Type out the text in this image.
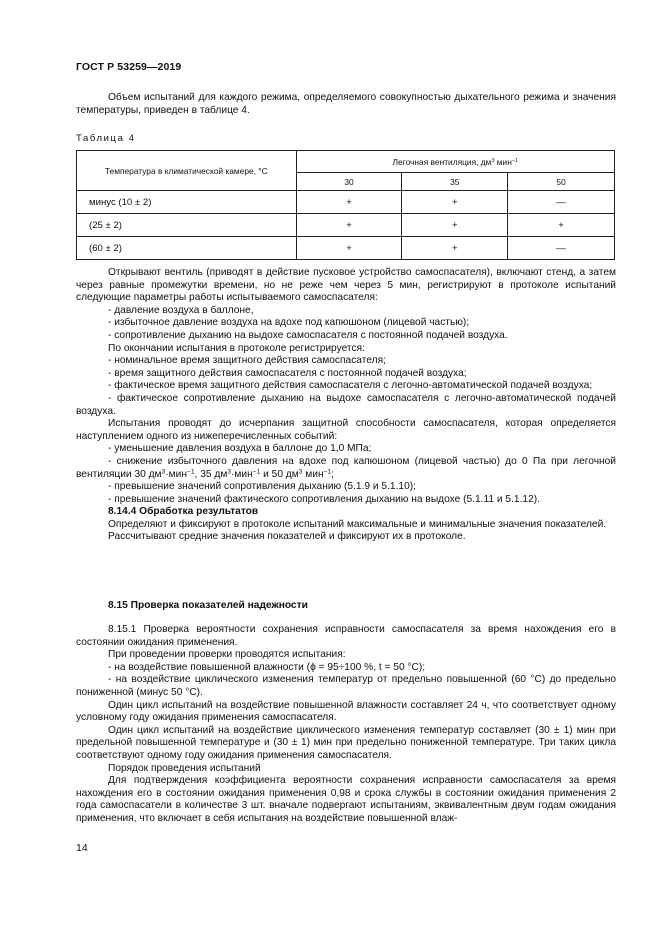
ГОСТ Р 53259—2019

Объем испытаний для каждого режима, определяемого совокупностью дыхательного режима и значения температуры, приведен в таблице 4.

Таблица 4
Температура в климатической камере, °С	Легочная вентиляция, $дм^3$ мин$^{-1}$
	30	35	50
минус (10 ± 2)	+	+	—
(25 ± 2)	+	+	+
(60 ± 2)	+	+	—

Открывают вентиль (приводят в действие пусковое устройство самоспасателя), включают стенд, а затем через равные промежутки времени, но не реже чем через 5 мин, регистрируют в протоколе испытаний следующие параметры работы испытываемого самоспасателя:

- давление воздуха в баллоне,

- избыточное давление воздуха на вдохе под капюшоном (лицевой частью);

- сопротивление дыханию на выдохе самоспасателя с постоянной подачей воздуха.

По окончании испытания в протоколе регистрируется:

- номинальное время защитного действия самоспасателя;

- время защитного действия самоспасателя с постоянной подачей воздуха;

- фактическое время защитного действия самоспасателя с легочно-автоматической подачей воздуха;

- фактическое сопротивление дыханию на выдохе самоспасателя с легочно-автоматической подачей воздуха.

Испытания проводят до исчерпания защитной способности самоспасателя, которая определяется наступлением одного из нижеперечисленных событий:

- уменьшение давления воздуха в баллоне до 1,0 МПа;

- снижение избыточного давления на вдохе под капюшоном (лицевой частью) до 0 Па при легочной вентиляции 30 $дм^3\cdot мин^{-1}$, 35 $дм^3\cdot мин^{-1}$ и 50 $дм^3$ мин$^{-1}$;

- превышение значений сопротивления дыханию (5.1.9 и 5.1.10);

- превышение значений фактического сопротивления дыханию на выдохе (5.1.11 и 5.1.12).

8.14.4 Обработка результатов

Определяют и фиксируют в протоколе испытаний максимальные и минимальные значения показателей.

Рассчитывают средние значения показателей и фиксируют их в протоколе.

8.15 Проверка показателей надежности

8.15.1 Проверка вероятности сохранения исправности самоспасателя за время нахождения его в состоянии ожидания применения.

При проведении проверки проводятся испытания:

- на воздействие повышенной влажности (ϕ = 95÷100 %, t = 50 °С);

- на воздействие циклического изменения температур от предельно повышенной (60 °С) до предельно пониженной (минус 50 °С).

Один цикл испытаний на воздействие повышенной влажности составляет 24 ч, что соответствует одному условному году ожидания применения самоспасателя.

Один цикл испытаний на воздействие циклического изменения температур составляет (30 ± 1) мин при предельной повышенной температуре и (30 ± 1) мин при предельно пониженной температуре. Три таких цикла соответствуют одному году ожидания применения самоспасателя.

Порядок проведения испытаний

Для подтверждения коэффициента вероятности сохранения исправности самоспасателя за время нахождения его в состоянии ожидания применения 0,98 и срока службы в состоянии ожидания применения 2 года самоспасатели в количестве 3 шт. вначале подвергают испытаниям, эквивалентным двум годам ожидания применения, что включает в себя испытания на воздействие повышенной влаж-

14
